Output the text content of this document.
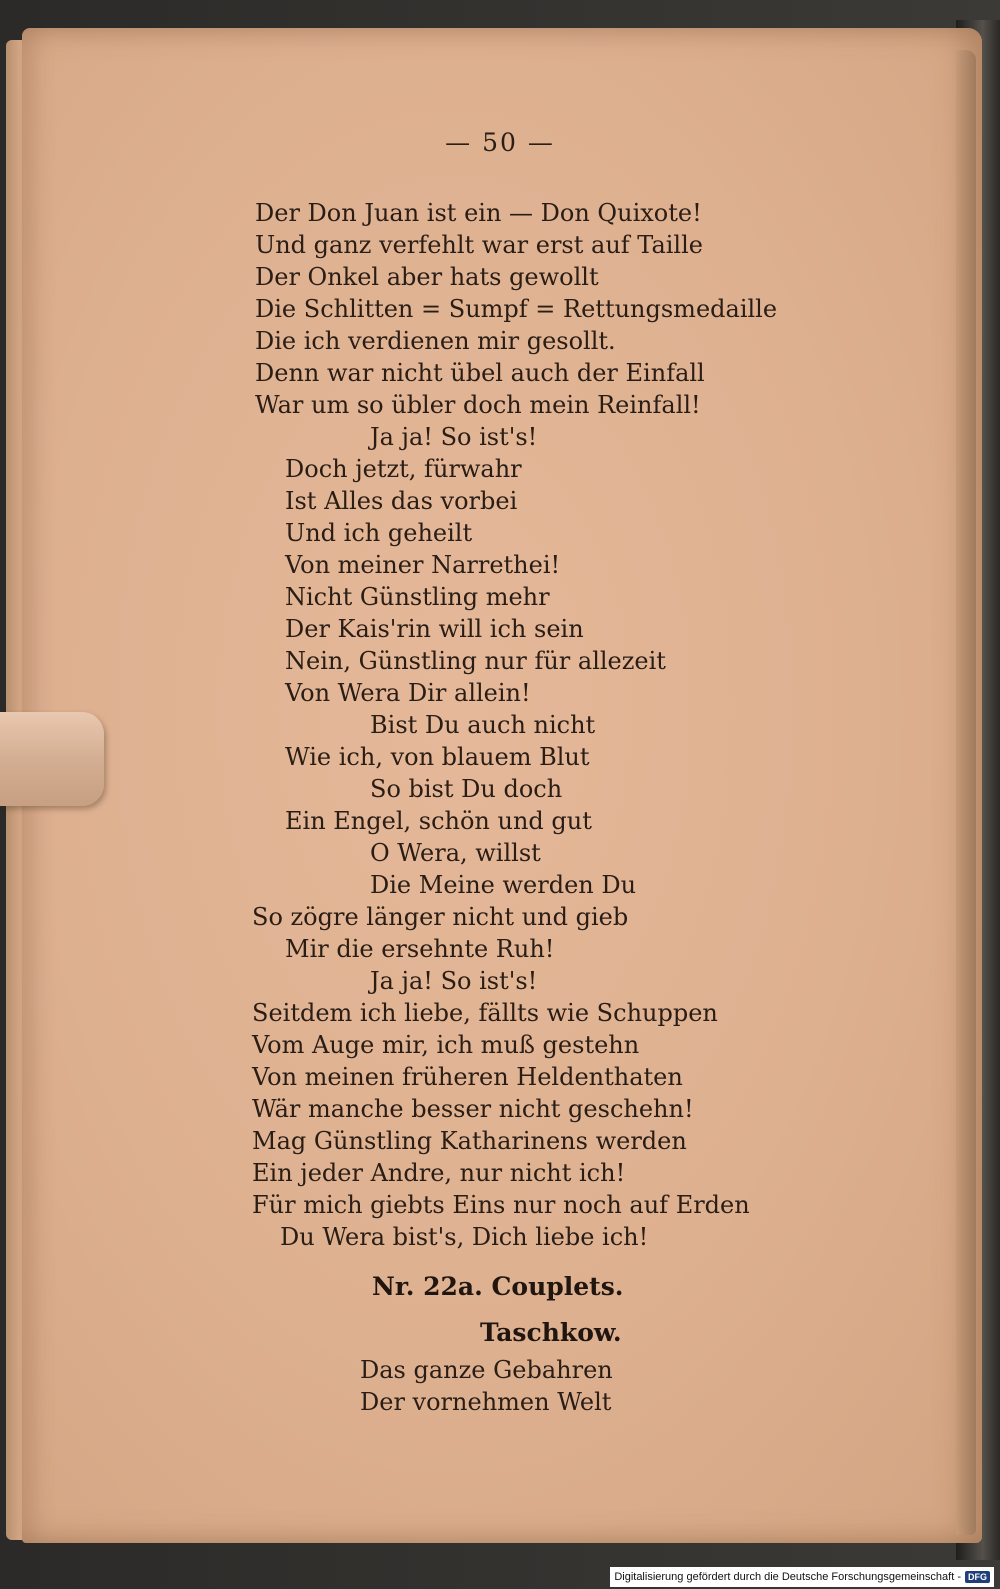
— 50 —
Der Don Juan ist ein — Don Quixote!
Und ganz verfehlt war erst auf Taille
Der Onkel aber hats gewollt
Die Schlitten = Sumpf = Rettungsmedaille
Die ich verdienen mir gesollt.
Denn war nicht übel auch der Einfall
War um so übler doch mein Reinfall!
Ja ja! So ist's!
Doch jetzt, fürwahr
Ist Alles das vorbei
Und ich geheilt
Von meiner Narrethei!
Nicht Günstling mehr
Der Kais'rin will ich sein
Nein, Günstling nur für allezeit
Von Wera Dir allein!
Bist Du auch nicht
Wie ich, von blauem Blut
So bist Du doch
Ein Engel, schön und gut
O Wera, willst
Die Meine werden Du
So zögre länger nicht und gieb
Mir die ersehnte Ruh!
Ja ja! So ist's!
Seitdem ich liebe, fällts wie Schuppen
Vom Auge mir, ich muß gestehn
Von meinen früheren Heldenthaten
Wär manche besser nicht geschehn!
Mag Günstling Katharinens werden
Ein jeder Andre, nur nicht ich!
Für mich giebts Eins nur noch auf Erden
Du Wera bist's, Dich liebe ich!
Nr. 22a. Couplets.
Taschkow.
Das ganze Gebahren
Der vornehmen Welt
Digitalisierung gefördert durch die Deutsche Forschungsgemeinschaft - DFG
